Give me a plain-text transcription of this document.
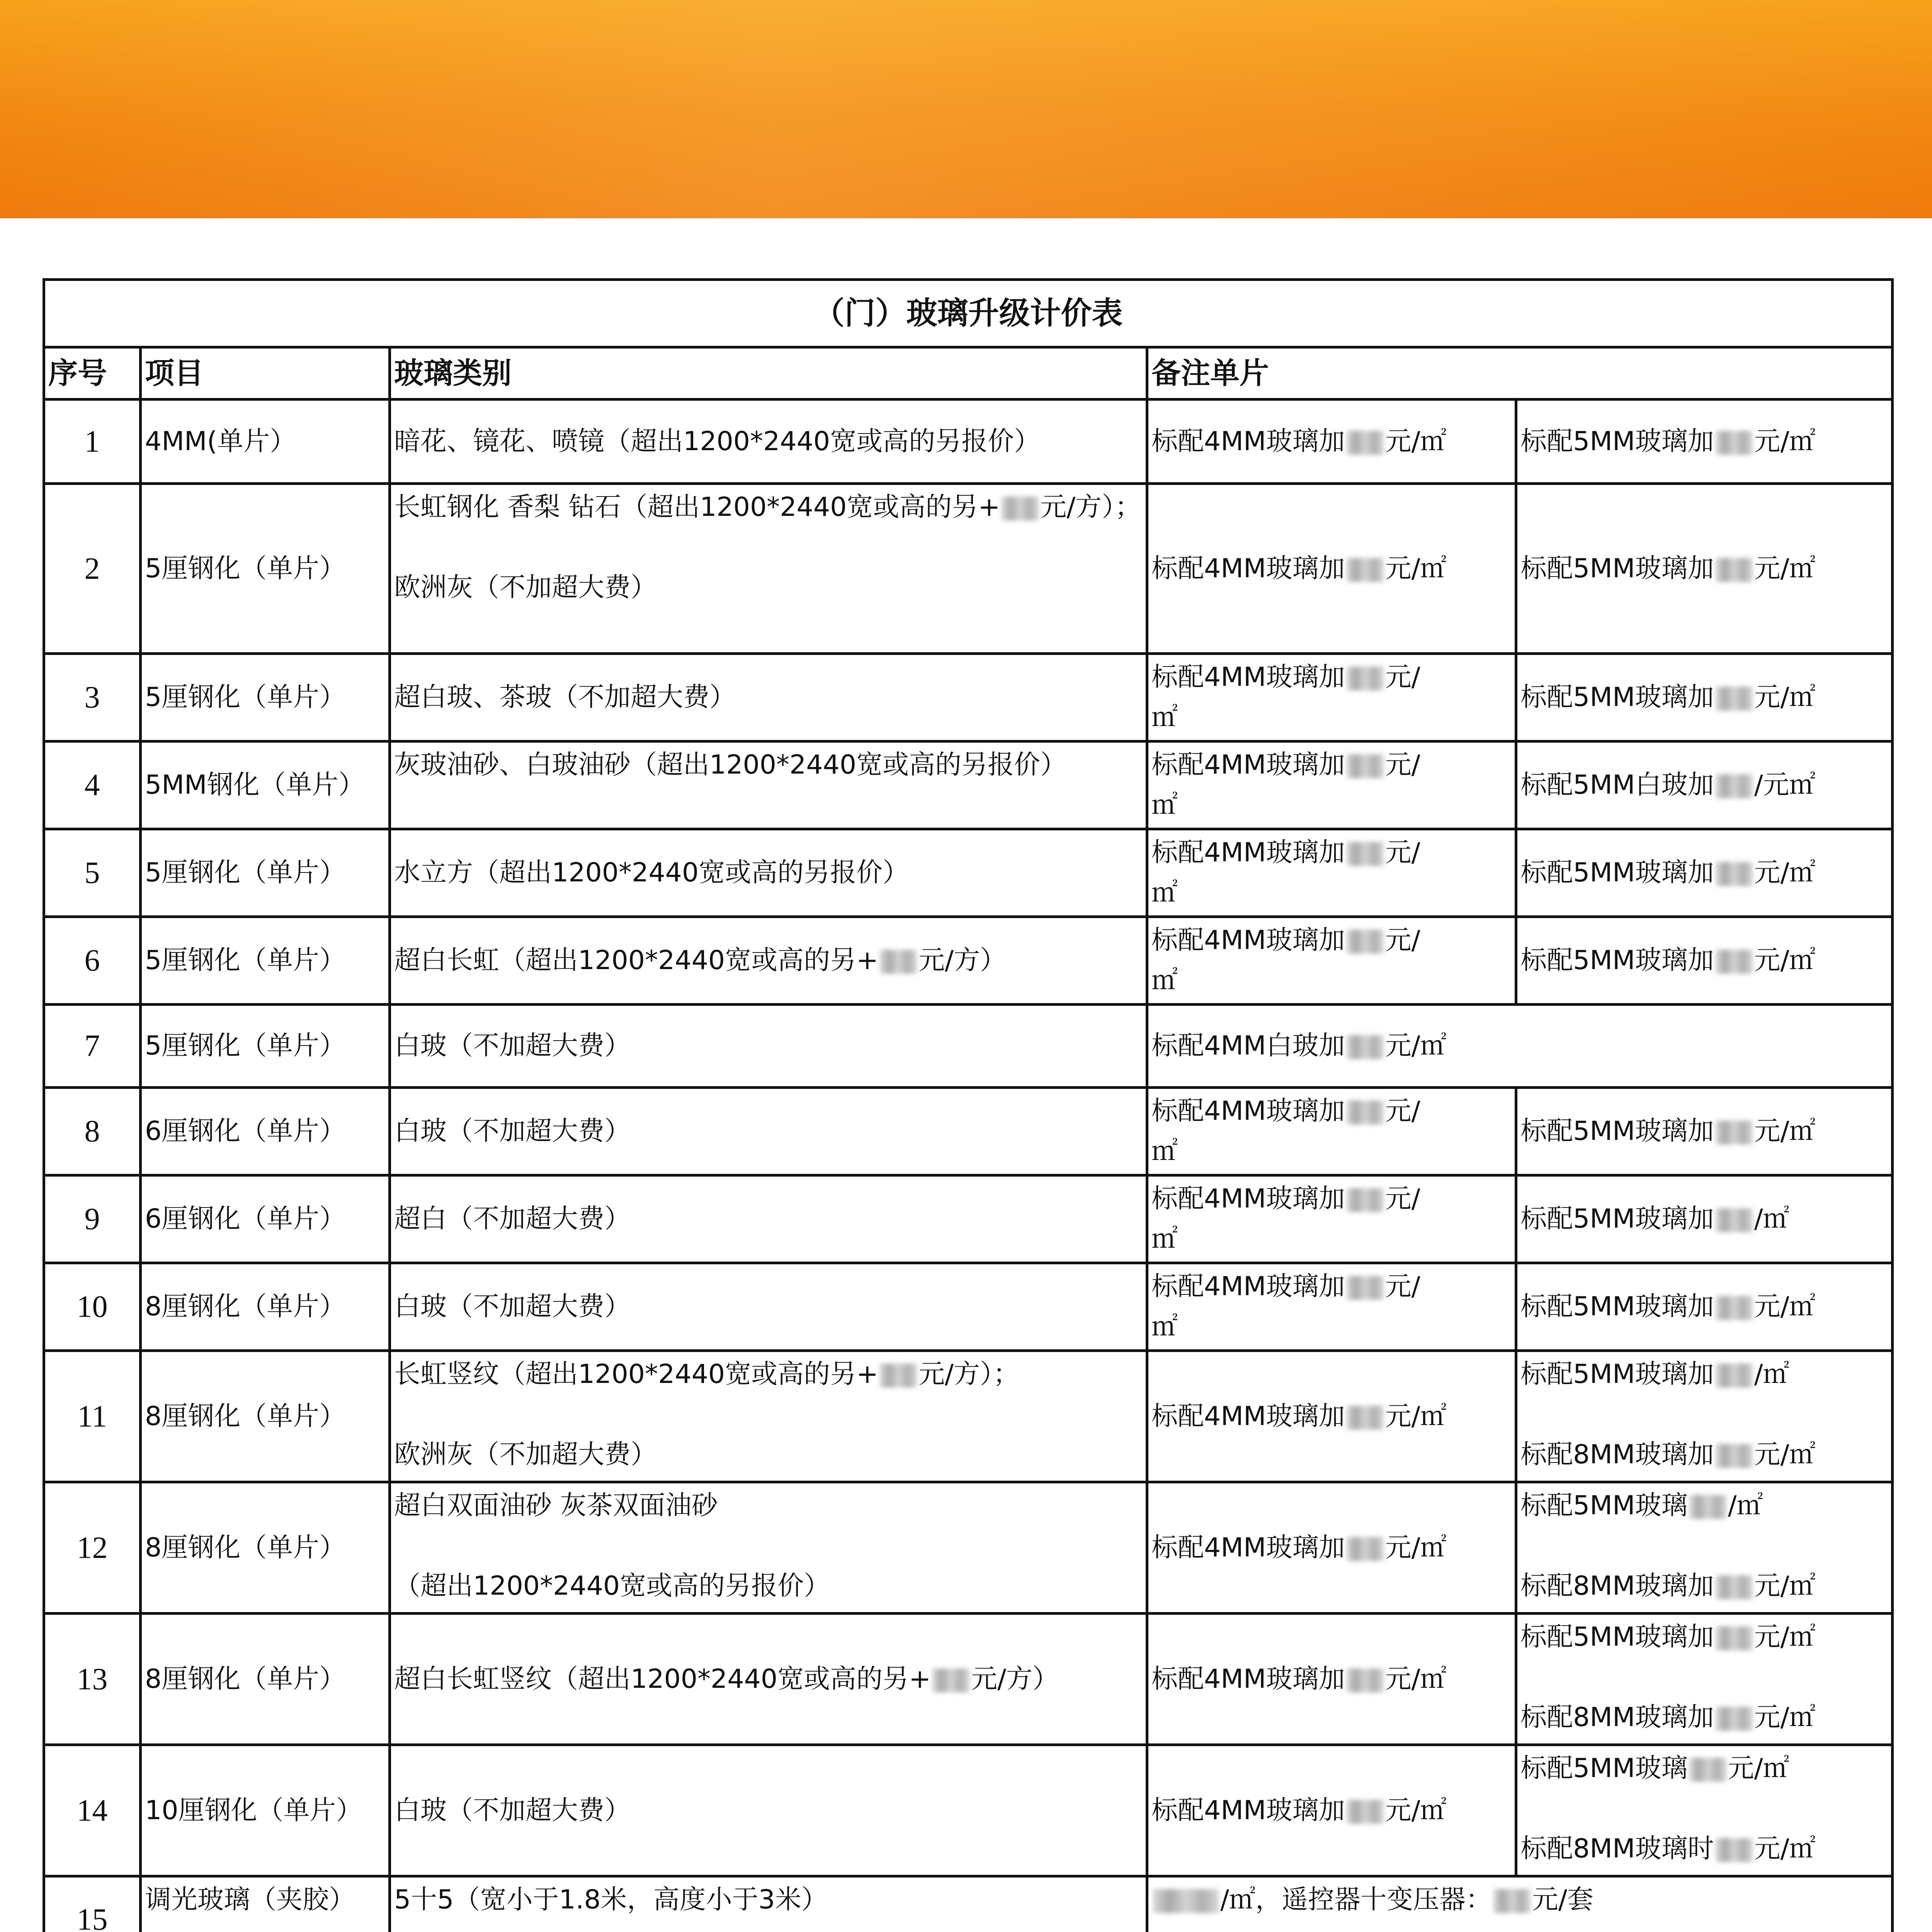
（门）玻璃升级计价表				
序号	项目	玻璃类别	备注单片	
1	4MM(单片）	暗花、镜花、喷镜（超出1200*2440宽或高的另报价）	标配4MM玻璃加 元/㎡	标配5MM玻璃加 元/㎡
2	5厘钢化（单片）	长虹钢化 香梨 钻石（超出1200*2440宽或高的另+ 元/方）；
欧洲灰（不加超大费）	标配4MM玻璃加 元/㎡	标配5MM玻璃加 元/㎡
3	5厘钢化（单片）	超白玻、茶玻（不加超大费）	标配4MM玻璃加 元/
㎡	标配5MM玻璃加 元/㎡
4	5MM钢化（单片）	灰玻油砂、白玻油砂（超出1200*2440宽或高的另报价）	标配4MM玻璃加 元/
㎡	标配5MM白玻加 /元㎡
5	5厘钢化（单片）	水立方（超出1200*2440宽或高的另报价）	标配4MM玻璃加 元/
㎡	标配5MM玻璃加 元/㎡
6	5厘钢化（单片）	超白长虹（超出1200*2440宽或高的另+ 元/方）	标配4MM玻璃加 元/
㎡	标配5MM玻璃加 元/㎡
7	5厘钢化（单片）	白玻（不加超大费）	标配4MM白玻加 元/㎡	
8	6厘钢化（单片）	白玻（不加超大费）	标配4MM玻璃加 元/
㎡	标配5MM玻璃加 元/㎡
9	6厘钢化（单片）	超白（不加超大费）	标配4MM玻璃加 元/
㎡	标配5MM玻璃加 /㎡
10	8厘钢化（单片）	白玻（不加超大费）	标配4MM玻璃加 元/
㎡	标配5MM玻璃加 元/㎡
11	8厘钢化（单片）	长虹竖纹（超出1200*2440宽或高的另+ 元/方）；
欧洲灰（不加超大费）	标配4MM玻璃加 元/㎡	标配5MM玻璃加 /㎡
标配8MM玻璃加 元/㎡

12	8厘钢化（单片）	超白双面油砂 灰茶双面油砂
（超出1200*2440宽或高的另报价）	标配4MM玻璃加 元/㎡	标配5MM玻璃 /㎡
标配8MM玻璃加 元/㎡

13	8厘钢化（单片）	超白长虹竖纹（超出1200*2440宽或高的另+ 元/方）	标配4MM玻璃加 元/㎡	标配5MM玻璃加 元/㎡
标配8MM玻璃加 元/㎡

14	10厘钢化（单片）	白玻（不加超大费）	标配4MM玻璃加 元/㎡	标配5MM玻璃 元/㎡
标配8MM玻璃时 元/㎡

15	调光玻璃（夹胶）	5十5（宽小于1.8米，高度小于3米）	/㎡，遥控器十变压器： 元/套	
